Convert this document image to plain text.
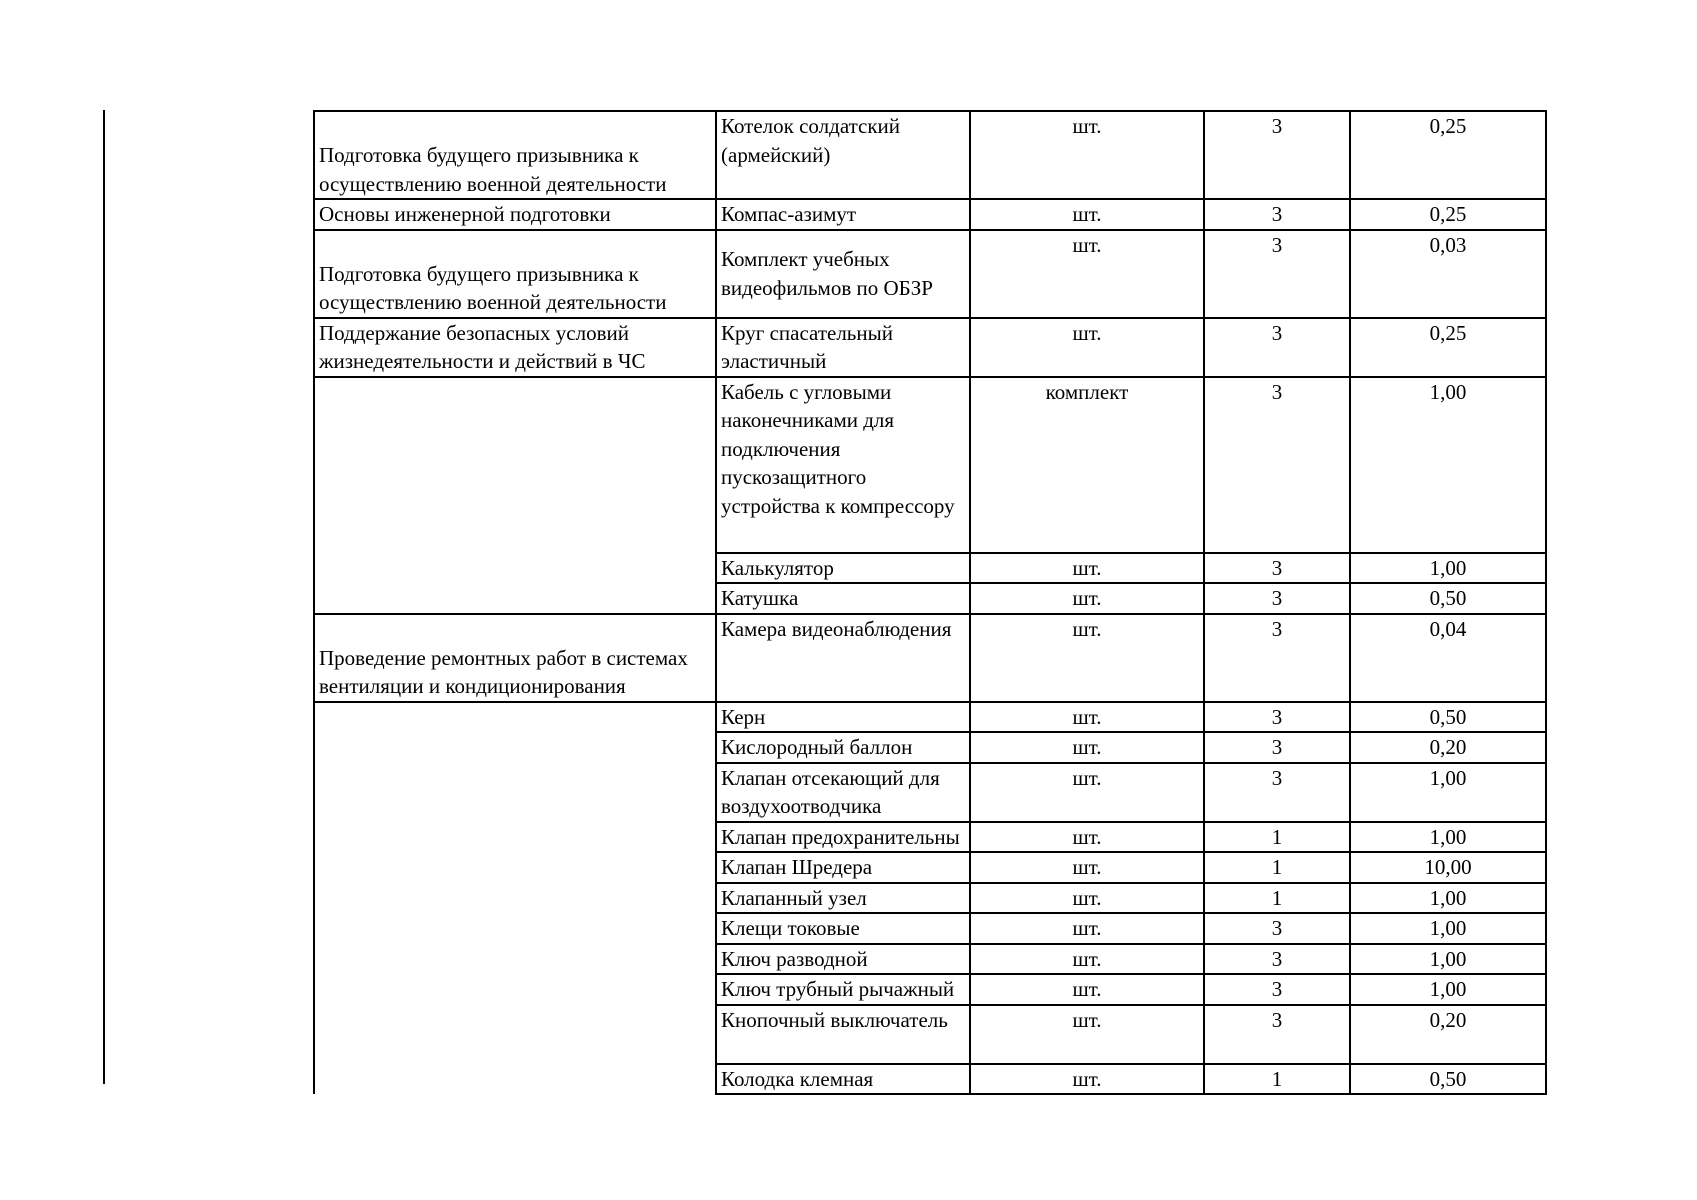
Подготовка будущего призывника к осуществлению военной деятельности	Котелок солдатский (армейский)	шт.	3	0,25
Основы инженерной подготовки	Компас-азимут	шт.	3	0,25
Подготовка будущего призывника к осуществлению военной деятельности	Комплект учебных видеофильмов по ОБЗР	шт.	3	0,03
Поддержание безопасных условий жизнедеятельности и действий в ЧС	Круг спасательный эластичный	шт.	3	0,25
	Кабель с угловыми наконечниками для подключения пускозащитного устройства к компрессору	комплект	3	1,00
	Калькулятор	шт.	3	1,00
	Катушка	шт.	3	0,50
Проведение ремонтных работ в системах вентиляции и кондиционирования	Камера видеонаблюдения	шт.	3	0,04
	Керн	шт.	3	0,50
	Кислородный баллон	шт.	3	0,20
	Клапан отсекающий для воздухоотводчика	шт.	3	1,00
	Клапан предохранительны	шт.	1	1,00
	Клапан Шредера	шт.	1	10,00
	Клапанный узел	шт.	1	1,00
	Клещи токовые	шт.	3	1,00
	Ключ разводной	шт.	3	1,00
	Ключ трубный рычажный	шт.	3	1,00
	Кнопочный выключатель	шт.	3	0,20
	Колодка клемная	шт.	1	0,50
